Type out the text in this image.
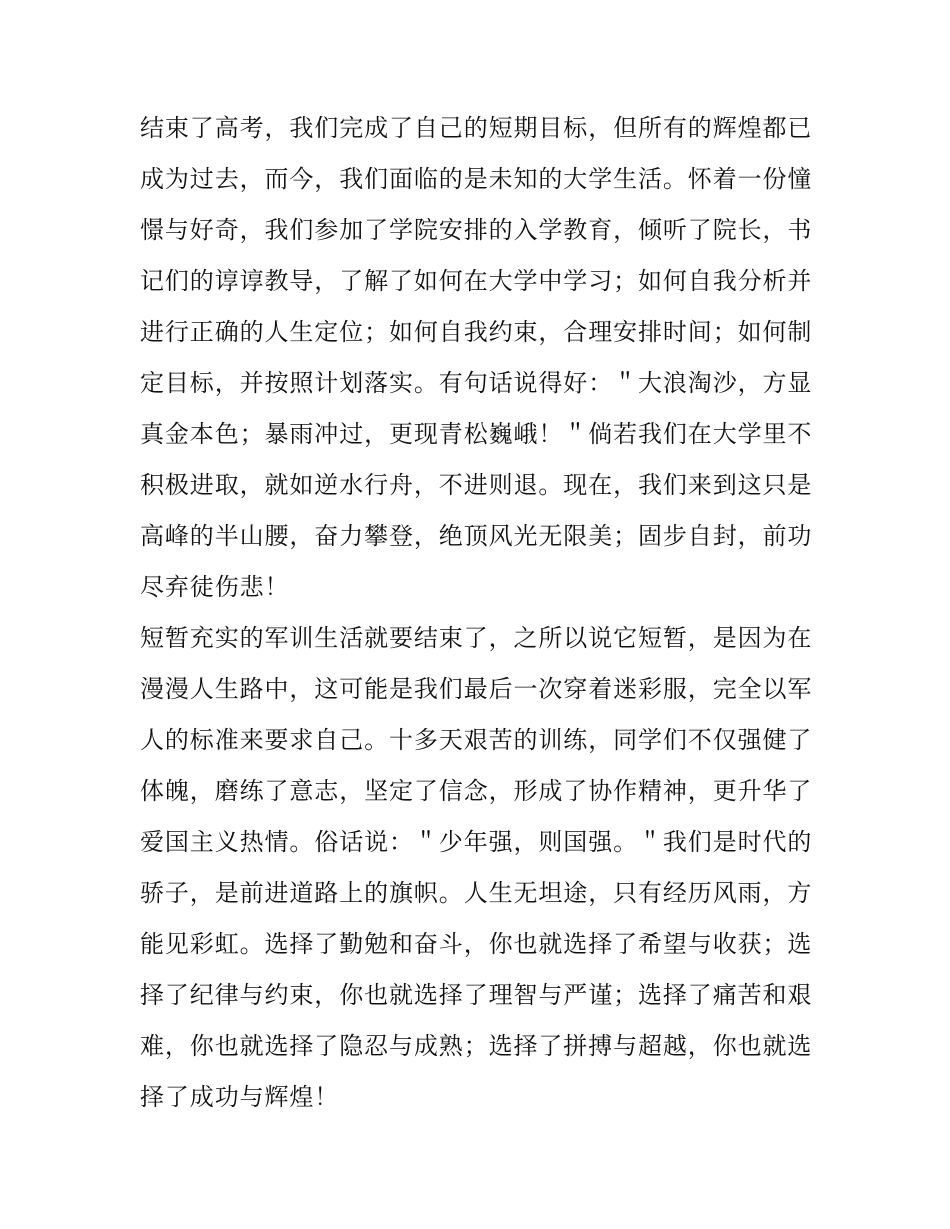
结束了高考，我们完成了自己的短期目标，但所有的辉煌都已
成为过去，而今，我们面临的是未知的大学生活。怀着一份憧
憬与好奇，我们参加了学院安排的入学教育，倾听了院长，书
记们的谆谆教导，了解了如何在大学中学习；如何自我分析并
进行正确的人生定位；如何自我约束，合理安排时间；如何制
定目标，并按照计划落实。有句话说得好：＂大浪淘沙，方显
真金本色；暴雨冲过，更现青松巍峨！＂倘若我们在大学里不
积极进取，就如逆水行舟，不进则退。现在，我们来到这只是
高峰的半山腰，奋力攀登，绝顶风光无限美；固步自封，前功
尽弃徒伤悲！
短暂充实的军训生活就要结束了，之所以说它短暂，是因为在
漫漫人生路中，这可能是我们最后一次穿着迷彩服，完全以军
人的标准来要求自己。十多天艰苦的训练，同学们不仅强健了
体魄，磨练了意志，坚定了信念，形成了协作精神，更升华了
爱国主义热情。俗话说：＂少年强，则国强。＂我们是时代的
骄子，是前进道路上的旗帜。人生无坦途，只有经历风雨，方
能见彩虹。选择了勤勉和奋斗，你也就选择了希望与收获；选
择了纪律与约束，你也就选择了理智与严谨；选择了痛苦和艰
难，你也就选择了隐忍与成熟；选择了拼搏与超越，你也就选
择了成功与辉煌！
